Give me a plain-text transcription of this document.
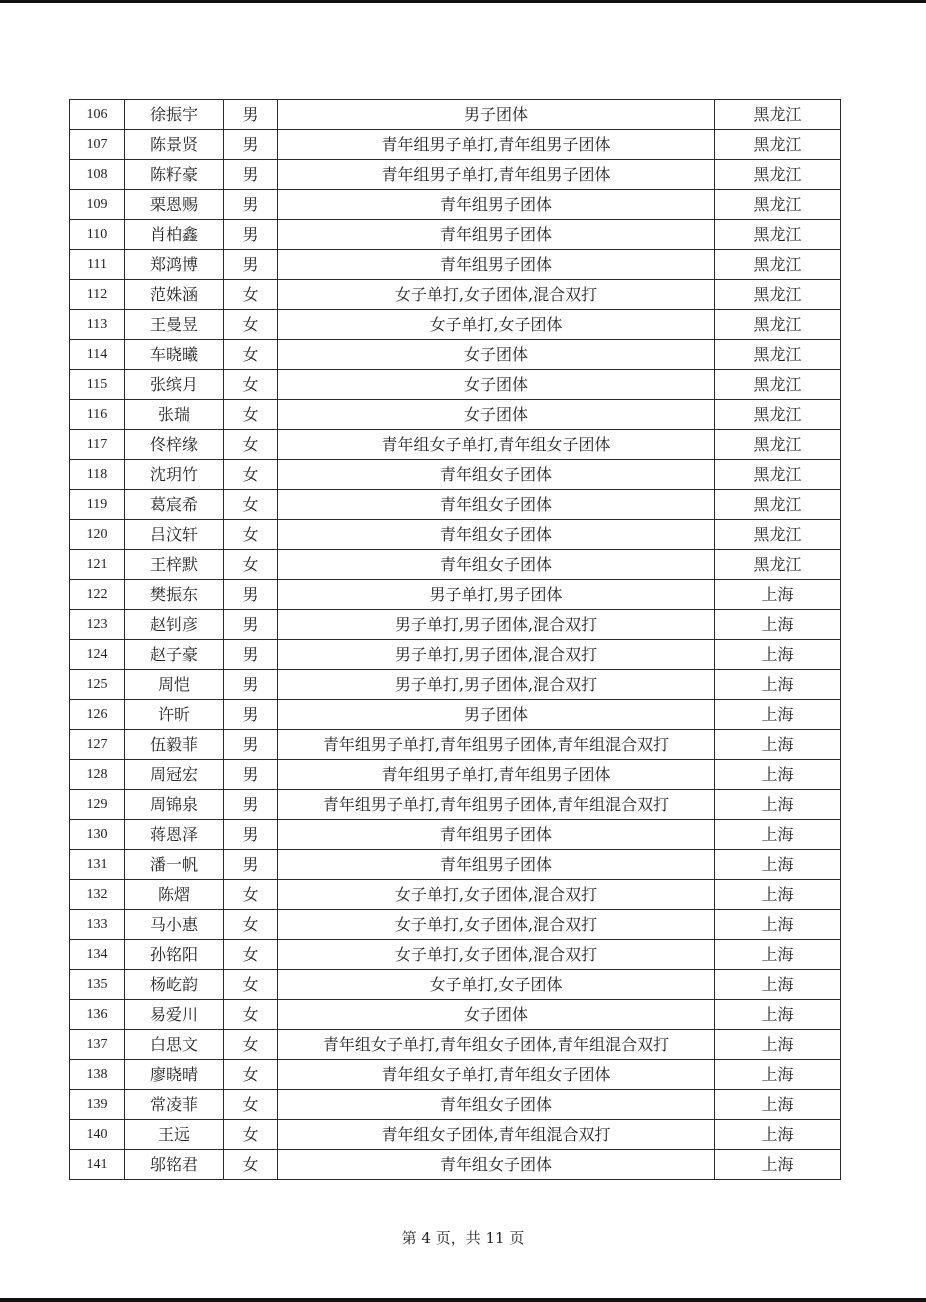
106	徐振宇	男	男子团体	黑龙江
107	陈景贤	男	青年组男子单打,青年组男子团体	黑龙江
108	陈籽豪	男	青年组男子单打,青年组男子团体	黑龙江
109	栗恩赐	男	青年组男子团体	黑龙江
110	肖柏鑫	男	青年组男子团体	黑龙江
111	郑鸿博	男	青年组男子团体	黑龙江
112	范姝涵	女	女子单打,女子团体,混合双打	黑龙江
113	王曼昱	女	女子单打,女子团体	黑龙江
114	车晓曦	女	女子团体	黑龙江
115	张缤月	女	女子团体	黑龙江
116	张瑞	女	女子团体	黑龙江
117	佟梓缘	女	青年组女子单打,青年组女子团体	黑龙江
118	沈玥竹	女	青年组女子团体	黑龙江
119	葛宸希	女	青年组女子团体	黑龙江
120	吕汶轩	女	青年组女子团体	黑龙江
121	王梓默	女	青年组女子团体	黑龙江
122	樊振东	男	男子单打,男子团体	上海
123	赵钊彦	男	男子单打,男子团体,混合双打	上海
124	赵子豪	男	男子单打,男子团体,混合双打	上海
125	周恺	男	男子单打,男子团体,混合双打	上海
126	许昕	男	男子团体	上海
127	伍毅菲	男	青年组男子单打,青年组男子团体,青年组混合双打	上海
128	周冠宏	男	青年组男子单打,青年组男子团体	上海
129	周锦泉	男	青年组男子单打,青年组男子团体,青年组混合双打	上海
130	蒋恩泽	男	青年组男子团体	上海
131	潘一帆	男	青年组男子团体	上海
132	陈熠	女	女子单打,女子团体,混合双打	上海
133	马小惠	女	女子单打,女子团体,混合双打	上海
134	孙铭阳	女	女子单打,女子团体,混合双打	上海
135	杨屹韵	女	女子单打,女子团体	上海
136	易爱川	女	女子团体	上海
137	白思文	女	青年组女子单打,青年组女子团体,青年组混合双打	上海
138	廖晓晴	女	青年组女子单打,青年组女子团体	上海
139	常凌菲	女	青年组女子团体	上海
140	王远	女	青年组女子团体,青年组混合双打	上海
141	邬铭君	女	青年组女子团体	上海
第 4 页，共 11 页
